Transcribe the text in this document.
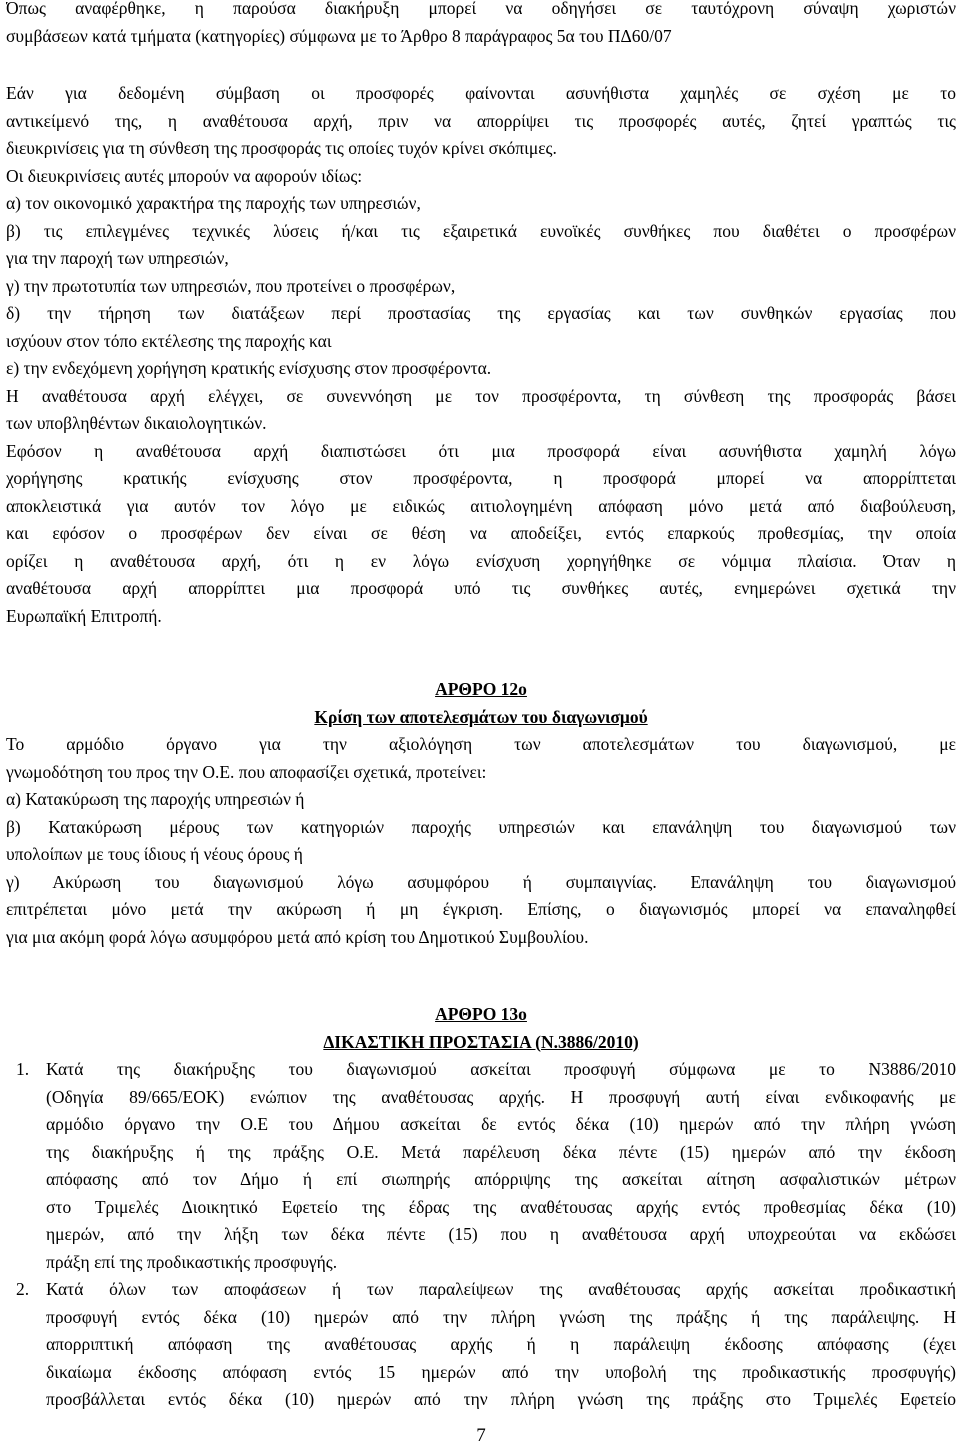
Όπως αναφέρθηκε, η παρούσα διακήρυξη μπορεί να οδηγήσει σε ταυτόχρονη σύναψη χωριστών
συμβάσεων κατά τμήματα (κατηγορίες) σύμφωνα με το Άρθρο 8 παράγραφος 5α του ΠΔ60/07
Εάν για δεδομένη σύμβαση οι προσφορές φαίνονται ασυνήθιστα χαμηλές σε σχέση με το
αντικείμενό της, η αναθέτουσα αρχή, πριν να απορρίψει τις προσφορές αυτές, ζητεί γραπτώς τις
διευκρινίσεις για τη σύνθεση της προσφοράς τις οποίες τυχόν κρίνει σκόπιμες.
Οι διευκρινίσεις αυτές μπορούν να αφορούν ιδίως:
α) τον οικονομικό χαρακτήρα της παροχής των υπηρεσιών,
β) τις επιλεγμένες τεχνικές λύσεις ή/και τις εξαιρετικά ευνοϊκές συνθήκες που διαθέτει ο προσφέρων
για την παροχή των υπηρεσιών,
γ) την πρωτοτυπία των υπηρεσιών, που προτείνει ο προσφέρων,
δ) την τήρηση των διατάξεων περί προστασίας της εργασίας και των συνθηκών εργασίας που
ισχύουν στον τόπο εκτέλεσης της παροχής και
ε) την ενδεχόμενη χορήγηση κρατικής ενίσχυσης στον προσφέροντα.
Η αναθέτουσα αρχή ελέγχει, σε συνεννόηση με τον προσφέροντα, τη σύνθεση της προσφοράς βάσει
των υποβληθέντων δικαιολογητικών.
Εφόσον η αναθέτουσα αρχή διαπιστώσει ότι μια προσφορά είναι ασυνήθιστα χαμηλή λόγω
χορήγησης κρατικής ενίσχυσης στον προσφέροντα, η προσφορά μπορεί να απορρίπτεται
αποκλειστικά για αυτόν τον λόγο με ειδικώς αιτιολογημένη απόφαση μόνο μετά από διαβούλευση,
και εφόσον ο προσφέρων δεν είναι σε θέση να αποδείξει, εντός επαρκούς προθεσμίας, την οποία
ορίζει η αναθέτουσα αρχή, ότι η εν λόγω ενίσχυση χορηγήθηκε σε νόμιμα πλαίσια. Όταν η
αναθέτουσα αρχή απορρίπτει μια προσφορά υπό τις συνθήκες αυτές, ενημερώνει σχετικά την
Ευρωπαϊκή Επιτροπή.
ΑΡΘΡΟ 12ο
Κρίση των αποτελεσμάτων του διαγωνισμού
Το αρμόδιο όργανο για την αξιολόγηση των αποτελεσμάτων του διαγωνισμού, με
γνωμοδότηση του προς την Ο.Ε. που αποφασίζει σχετικά, προτείνει:
α) Κατακύρωση της παροχής υπηρεσιών ή
β) Κατακύρωση μέρους των κατηγοριών παροχής υπηρεσιών και επανάληψη του διαγωνισμού των
υπολοίπων με τους ίδιους ή νέους όρους ή
γ) Ακύρωση του διαγωνισμού λόγω ασυμφόρου ή συμπαιγνίας. Επανάληψη του διαγωνισμού
επιτρέπεται μόνο μετά την ακύρωση ή μη έγκριση. Επίσης, ο διαγωνισμός μπορεί να επαναληφθεί
για μια ακόμη φορά λόγω ασυμφόρου μετά από κρίση του Δημοτικού Συμβουλίου.
ΑΡΘΡΟ 13ο
ΔΙΚΑΣΤΙΚΗ ΠΡΟΣΤΑΣΙΑ (Ν.3886/2010)
1. Κατά της διακήρυξης του διαγωνισμού ασκείται προσφυγή σύμφωνα με το Ν3886/2010
(Οδηγία 89/665/ΕΟΚ) ενώπιον της αναθέτουσας αρχής. Η προσφυγή αυτή είναι ενδικοφανής με
αρμόδιο όργανο την Ο.Ε του Δήμου ασκείται δε εντός δέκα (10) ημερών από την πλήρη γνώση
της διακήρυξης ή της πράξης Ο.Ε. Μετά παρέλευση δέκα πέντε (15) ημερών από την έκδοση
απόφασης από τον Δήμο ή επί σιωπηρής απόρριψης της ασκείται αίτηση ασφαλιστικών μέτρων
στο Τριμελές Διοικητικό Εφετείο της έδρας της αναθέτουσας αρχής εντός προθεσμίας δέκα (10)
ημερών, από την λήξη των δέκα πέντε (15) που η αναθέτουσα αρχή υποχρεούται να εκδώσει
πράξη επί της προδικαστικής προσφυγής.
2. Κατά όλων των αποφάσεων ή των παραλείψεων της αναθέτουσας αρχής ασκείται προδικαστική
προσφυγή εντός δέκα (10) ημερών από την πλήρη γνώση της πράξης ή της παράλειψης. Η
απορριπτική απόφαση της αναθέτουσας αρχής ή η παράλειψη έκδοσης απόφασης (έχει
δικαίωμα έκδοσης απόφαση εντός 15 ημερών από την υποβολή της προδικαστικής προσφυγής)
προσβάλλεται εντός δέκα (10) ημερών από την πλήρη γνώση της πράξης στο Τριμελές Εφετείο
7
